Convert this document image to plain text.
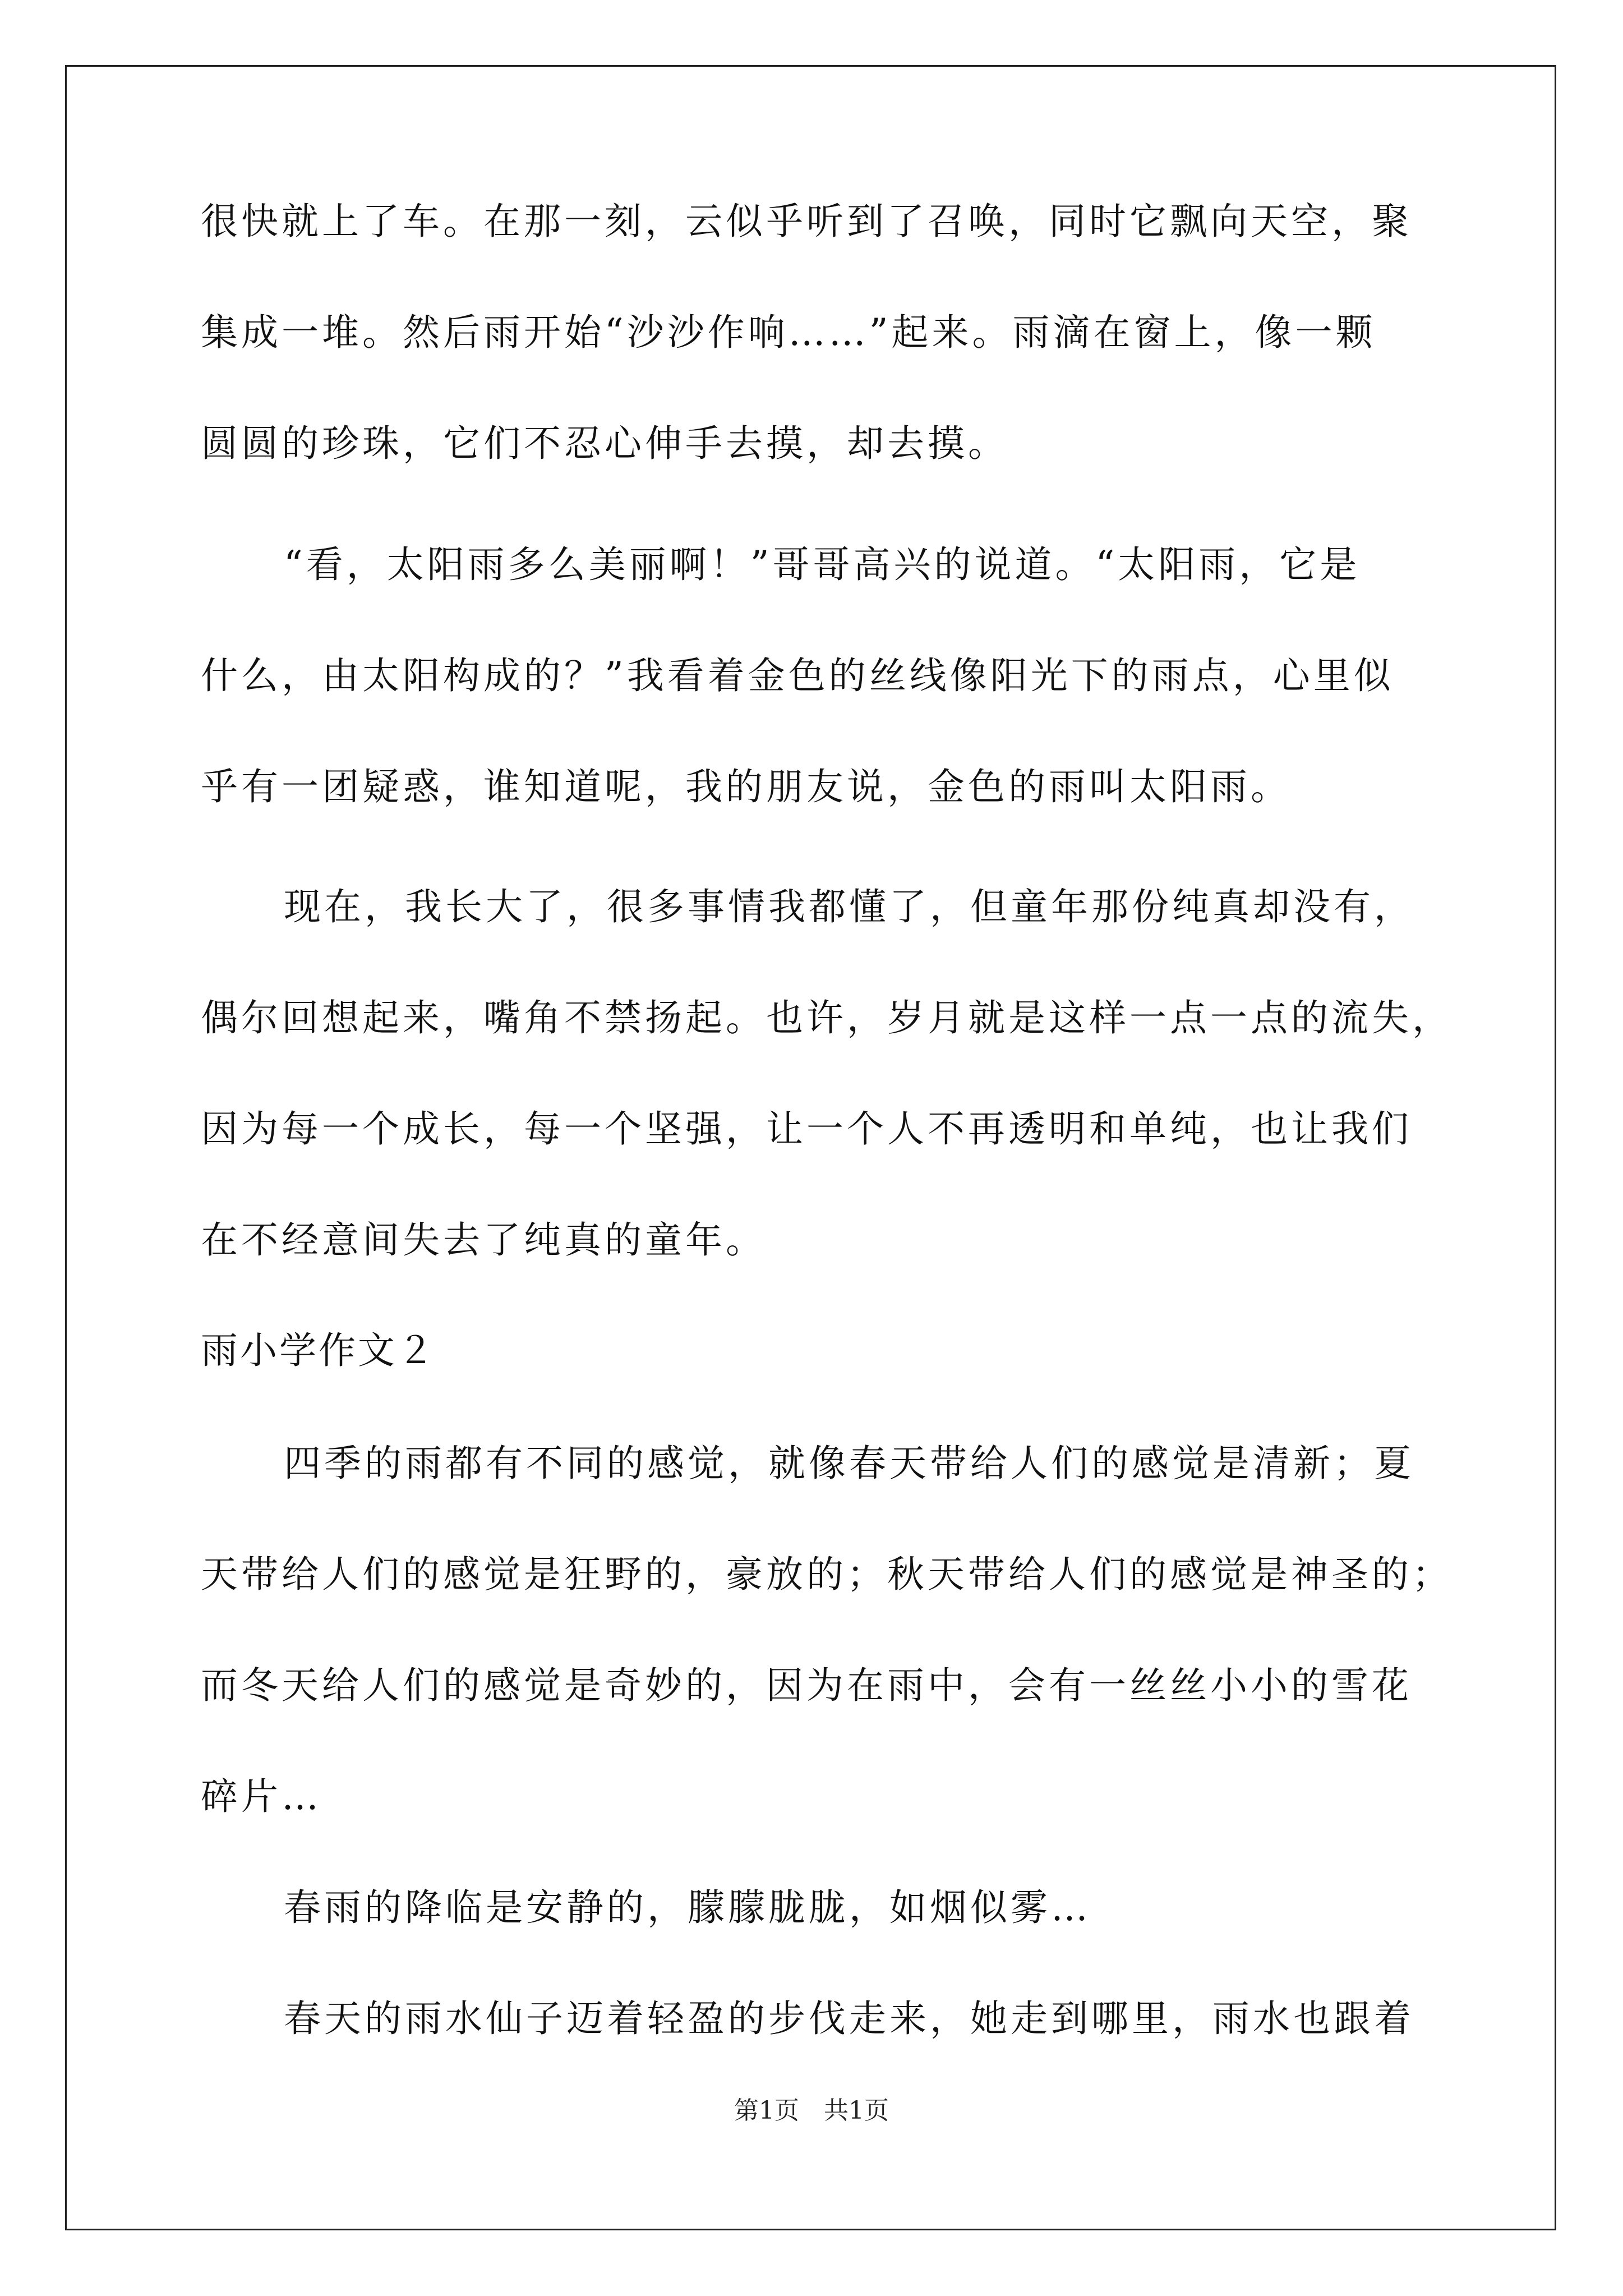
很快就上了车。在那一刻，云似乎听到了召唤，同时它飘向天空，聚
集成一堆。然后雨开始“沙沙作响……”起来。雨滴在窗上，像一颗
圆圆的珍珠，它们不忍心伸手去摸，却去摸。
“看，太阳雨多么美丽啊！”哥哥高兴的说道。“太阳雨，它是
什么，由太阳构成的？”我看着金色的丝线像阳光下的雨点，心里似
乎有一团疑惑，谁知道呢，我的朋友说，金色的雨叫太阳雨。
现在，我长大了，很多事情我都懂了，但童年那份纯真却没有，
偶尔回想起来，嘴角不禁扬起。也许，岁月就是这样一点一点的流失，
因为每一个成长，每一个坚强，让一个人不再透明和单纯，也让我们
在不经意间失去了纯真的童年。
雨小学作文２
四季的雨都有不同的感觉，就像春天带给人们的感觉是清新；夏
天带给人们的感觉是狂野的，豪放的；秋天带给人们的感觉是神圣的；
而冬天给人们的感觉是奇妙的，因为在雨中，会有一丝丝小小的雪花
碎片…
春雨的降临是安静的，朦朦胧胧，如烟似雾…
春天的雨水仙子迈着轻盈的步伐走来，她走到哪里，雨水也跟着
第1页　共1页
